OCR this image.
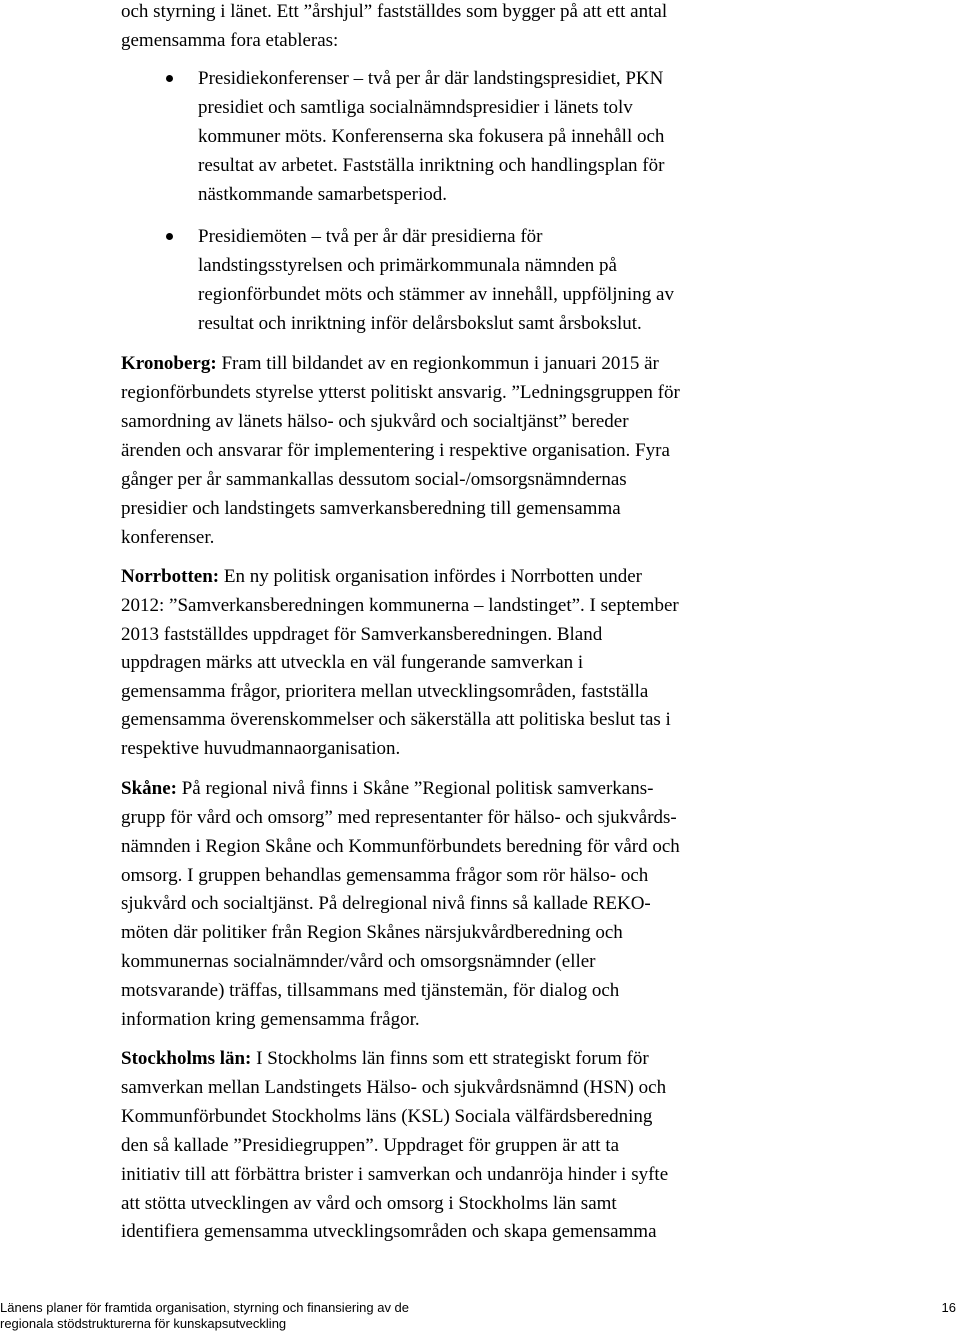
och styrning i länet. Ett ”årshjul” fastställdes som bygger på att ett antal
gemensamma fora etableras:
Presidiekonferenser – två per år där landstingspresidiet, PKN
presidiet och samtliga socialnämndspresidier i länets tolv
kommuner möts. Konferenserna ska fokusera på innehåll och
resultat av arbetet. Fastställa inriktning och handlingsplan för
nästkommande samarbetsperiod.
Presidiemöten – två per år där presidierna för
landstingsstyrelsen och primärkommunala nämnden på
regionförbundet möts och stämmer av innehåll, uppföljning av
resultat och inriktning inför delårsbokslut samt årsbokslut.
Kronoberg: Fram till bildandet av en regionkommun i januari 2015 är
regionförbundets styrelse ytterst politiskt ansvarig. ”Ledningsgruppen för
samordning av länets hälso- och sjukvård och socialtjänst” bereder
ärenden och ansvarar för implementering i respektive organisation. Fyra
gånger per år sammankallas dessutom social-/omsorgsnämndernas
presidier och landstingets samverkansberedning till gemensamma
konferenser.
Norrbotten: En ny politisk organisation infördes i Norrbotten under
2012: ”Samverkansberedningen kommunerna – landstinget”. I september
2013 fastställdes uppdraget för Samverkansberedningen. Bland
uppdragen märks att utveckla en väl fungerande samverkan i
gemensamma frågor, prioritera mellan utvecklingsområden, fastställa
gemensamma överenskommelser och säkerställa att politiska beslut tas i
respektive huvudmannaorganisation.
Skåne: På regional nivå finns i Skåne ”Regional politisk samverkans-
grupp för vård och omsorg” med representanter för hälso- och sjukvårds-
nämnden i Region Skåne och Kommunförbundets beredning för vård och
omsorg. I gruppen behandlas gemensamma frågor som rör hälso- och
sjukvård och socialtjänst. På delregional nivå finns så kallade REKO-
möten där politiker från Region Skånes närsjukvårdberedning och
kommunernas socialnämnder/vård och omsorgsnämnder (eller
motsvarande) träffas, tillsammans med tjänstemän, för dialog och
information kring gemensamma frågor.
Stockholms län: I Stockholms län finns som ett strategiskt forum för
samverkan mellan Landstingets Hälso- och sjukvårdsnämnd (HSN) och
Kommunförbundet Stockholms läns (KSL) Sociala välfärdsberedning
den så kallade ”Presidiegruppen”. Uppdraget för gruppen är att ta
initiativ till att förbättra brister i samverkan och undanröja hinder i syfte
att stötta utvecklingen av vård och omsorg i Stockholms län samt
identifiera gemensamma utvecklingsområden och skapa gemensamma
Länens planer för framtida organisation, styrning och finansiering av de
regionala stödstrukturerna för kunskapsutveckling
16
